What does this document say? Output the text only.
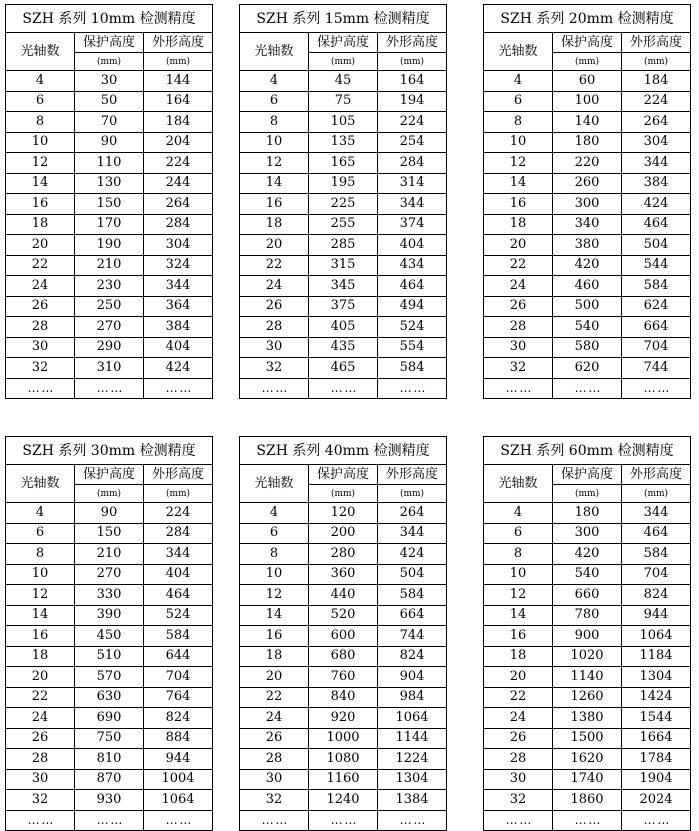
SZH 系列 10mm 检测精度		
光轴数	保护高度	外形高度
	(mm)	(mm)
4	30	144
6	50	164
8	70	184
10	90	204
12	110	224
14	130	244
16	150	264
18	170	284
20	190	304
22	210	324
24	230	344
26	250	364
28	270	384
30	290	404
32	310	424
… …	… …	… …
SZH 系列 15mm 检测精度		
光轴数	保护高度	外形高度
	(mm)	(mm)
4	45	164
6	75	194
8	105	224
10	135	254
12	165	284
14	195	314
16	225	344
18	255	374
20	285	404
22	315	434
24	345	464
26	375	494
28	405	524
30	435	554
32	465	584
… …	… …	… …
SZH 系列 20mm 检测精度		
光轴数	保护高度	外形高度
	(mm)	(mm)
4	60	184
6	100	224
8	140	264
10	180	304
12	220	344
14	260	384
16	300	424
18	340	464
20	380	504
22	420	544
24	460	584
26	500	624
28	540	664
30	580	704
32	620	744
… …	… …	… …
SZH 系列 30mm 检测精度		
光轴数	保护高度	外形高度
	(mm)	(mm)
4	90	224
6	150	284
8	210	344
10	270	404
12	330	464
14	390	524
16	450	584
18	510	644
20	570	704
22	630	764
24	690	824
26	750	884
28	810	944
30	870	1004
32	930	1064
… …	… …	… …
SZH 系列 40mm 检测精度		
光轴数	保护高度	外形高度
	(mm)	(mm)
4	120	264
6	200	344
8	280	424
10	360	504
12	440	584
14	520	664
16	600	744
18	680	824
20	760	904
22	840	984
24	920	1064
26	1000	1144
28	1080	1224
30	1160	1304
32	1240	1384
… …	… …	… …
SZH 系列 60mm 检测精度		
光轴数	保护高度	外形高度
	(mm)	(mm)
4	180	344
6	300	464
8	420	584
10	540	704
12	660	824
14	780	944
16	900	1064
18	1020	1184
20	1140	1304
22	1260	1424
24	1380	1544
26	1500	1664
28	1620	1784
30	1740	1904
32	1860	2024
… …	… …	… …
